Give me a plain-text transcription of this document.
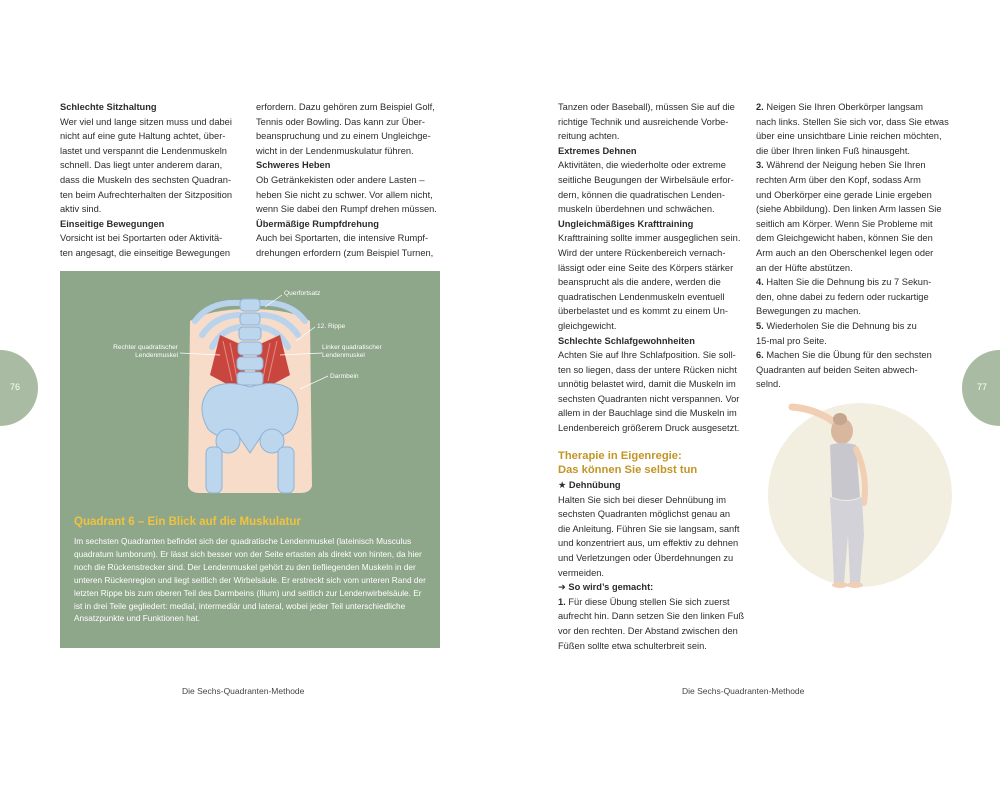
76
Schlechte Sitzhaltung

Wer viel und lange sitzen muss und dabei

nicht auf eine gute Haltung achtet, über-

lastet und verspannt die Lendenmuskeln

schnell. Das liegt unter anderem daran,

dass die Muskeln des sechsten Quadran-

ten beim Aufrechterhalten der Sitzposition

aktiv sind.

Einseitige Bewegungen

Vorsicht ist bei Sportarten oder Aktivitä-

ten angesagt, die einseitige Bewegungen

erfordern. Dazu gehören zum Beispiel Golf,

Tennis oder Bowling. Das kann zur Über-

beanspruchung und zu einem Ungleichge-

wicht in der Lendenmuskulatur führen.

Schweres Heben

Ob Getränkekisten oder andere Lasten –

heben Sie nicht zu schwer. Vor allem nicht,

wenn Sie dabei den Rumpf drehen müssen.

Übermäßige Rumpfdrehung

Auch bei Sportarten, die intensive Rumpf-

drehungen erfordern (zum Beispiel Turnen,

Querfortsatz
12. Rippe
Rechter quadratischer Lendenmuskel
Linker quadratischer Lendenmuskel
Darmbein
Quadrant 6 – Ein Blick auf die Muskulatur
Im sechsten Quadranten befindet sich der quadratische Lendenmuskel (lateinisch Musculus quadratum lumborum). Er lässt sich besser von der Seite ertasten als direkt von hinten, da hier noch die Rückenstrecker sind. Der Lendenmuskel gehört zu den tiefliegenden Muskeln in der unteren Rückenregion und liegt seitlich der Wirbelsäule. Er erstreckt sich vom unteren Rand der letzten Rippe bis zum oberen Teil des Darmbeins (Ilium) und seitlich zur Lendenwirbelsäule. Er ist in drei Teile gegliedert: medial, intermediär und lateral, wobei jeder Teil unterschiedliche Ansatzpunkte und Funktionen hat.
Die Sechs-Quadranten-Methode

Tanzen oder Baseball), müssen Sie auf die

richtige Technik und ausreichende Vorbe-

reitung achten.

Extremes Dehnen

Aktivitäten, die wiederholte oder extreme

seitliche Beugungen der Wirbelsäule erfor-

dern, können die quadratischen Lenden-

muskeln überdehnen und schwächen.

Ungleichmäßiges Krafttraining

Krafttraining sollte immer ausgeglichen sein.

Wird der untere Rückenbereich vernach-

lässigt oder eine Seite des Körpers stärker

beansprucht als die andere, werden die

quadratischen Lendenmuskeln eventuell

überbelastet und es kommt zu einem Un-

gleichgewicht.

Schlechte Schlafgewohnheiten

Achten Sie auf Ihre Schlafposition. Sie soll-

ten so liegen, dass der untere Rücken nicht

unnötig belastet wird, damit die Muskeln im

sechsten Quadranten nicht verspannen. Vor

allem in der Bauchlage sind die Muskeln im

Lendenbereich größerem Druck ausgesetzt.

Therapie in Eigenregie:
Das können Sie selbst tun
★ Dehnübung

Halten Sie sich bei dieser Dehnübung im

sechsten Quadranten möglichst genau an

die Anleitung. Führen Sie sie langsam, sanft

und konzentriert aus, um effektiv zu dehnen

und Verletzungen oder Überdehnungen zu

vermeiden.

➜ So wird’s gemacht:

1. Für diese Übung stellen Sie sich zuerst

aufrecht hin. Dann setzen Sie den linken Fuß

vor den rechten. Der Abstand zwischen den

Füßen sollte etwa schulterbreit sein.

2. Neigen Sie Ihren Oberkörper langsam

nach links. Stellen Sie sich vor, dass Sie etwas

über eine unsichtbare Linie reichen möchten,

die über Ihren linken Fuß hinausgeht.

3. Während der Neigung heben Sie Ihren

rechten Arm über den Kopf, sodass Arm

und Oberkörper eine gerade Linie ergeben

(siehe Abbildung). Den linken Arm lassen Sie

seitlich am Körper. Wenn Sie Probleme mit

dem Gleichgewicht haben, können Sie den

Arm auch an den Oberschenkel legen oder

an der Hüfte abstützen.

4. Halten Sie die Dehnung bis zu 7 Sekun-

den, ohne dabei zu federn oder ruckartige

Bewegungen zu machen.

5. Wiederholen Sie die Dehnung bis zu

15-mal pro Seite.

6. Machen Sie die Übung für den sechsten

Quadranten auf beiden Seiten abwech-

selnd.	77
Die Sechs-Quadranten-Methode
